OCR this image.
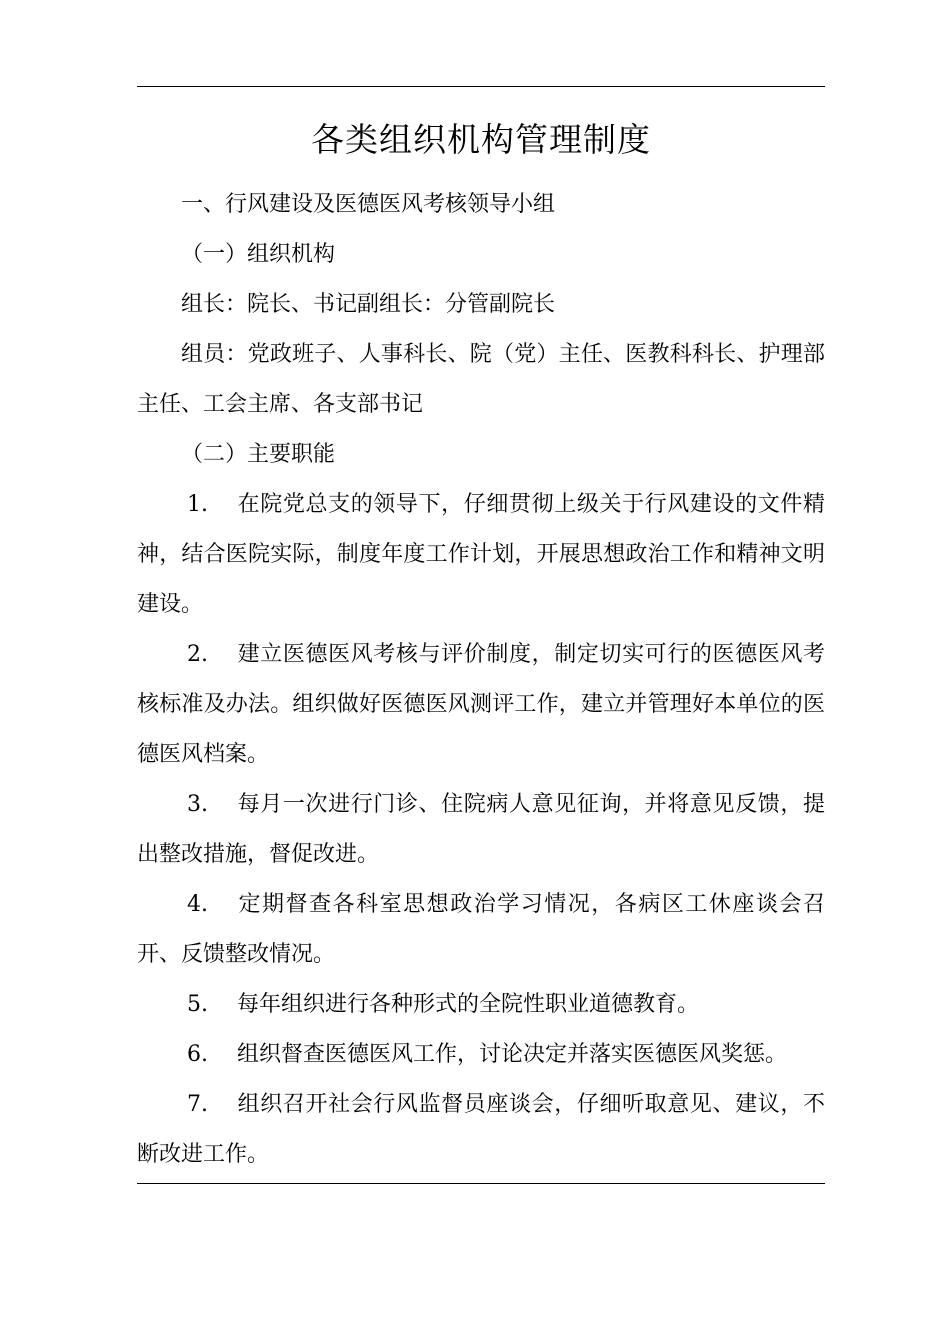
各类组织机构管理制度

一、行风建设及医德医风考核领导小组

（一）组织机构

组长：院长、书记副组长：分管副院长

组员：党政班子、人事科长、院（党）主任、医教科科长、护理部主任、工会主席、各支部书记

（二）主要职能

1. 在院党总支的领导下，仔细贯彻上级关于行风建设的文件精神，结合医院实际，制度年度工作计划，开展思想政治工作和精神文明建设。

2. 建立医德医风考核与评价制度，制定切实可行的医德医风考核标准及办法。组织做好医德医风测评工作，建立并管理好本单位的医德医风档案。

3. 每月一次进行门诊、住院病人意见征询，并将意见反馈，提出整改措施，督促改进。

4. 定期督查各科室思想政治学习情况，各病区工休座谈会召开、反馈整改情况。

5. 每年组织进行各种形式的全院性职业道德教育。

6. 组织督查医德医风工作，讨论决定并落实医德医风奖惩。

7. 组织召开社会行风监督员座谈会，仔细听取意见、建议，不断改进工作。
